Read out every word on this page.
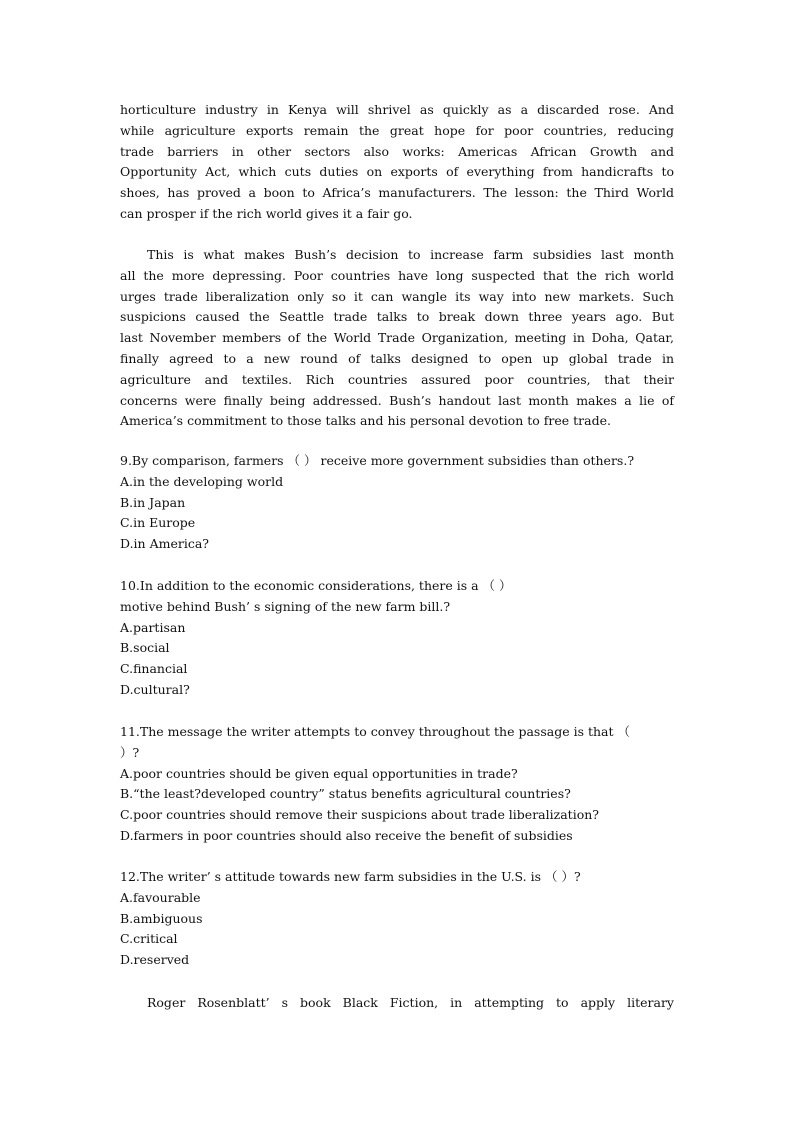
horticulture industry in Kenya will shrivel as quickly as a discarded rose. And
while agriculture exports remain the great hope for poor countries, reducing
trade barriers in other sectors also works: Americas African Growth and
Opportunity Act, which cuts duties on exports of everything from handicrafts to
shoes, has proved a boon to Africa’s manufacturers. The lesson: the Third World
can prosper if the rich world gives it a fair go.
This is what makes Bush’s decision to increase farm subsidies last month
all the more depressing. Poor countries have long suspected that the rich world
urges trade liberalization only so it can wangle its way into new markets. Such
suspicions caused the Seattle trade talks to break down three years ago. But
last November members of the World Trade Organization, meeting in Doha, Qatar,
finally agreed to a new round of talks designed to open up global trade in
agriculture and textiles. Rich countries assured poor countries, that their
concerns were finally being addressed. Bush’s handout last month makes a lie of
America’s commitment to those talks and his personal devotion to free trade.
9.By comparison, farmers （ ） receive more government subsidies than others.?
A.in the developing world
B.in Japan
C.in Europe
D.in America?
10.In addition to the economic considerations, there is a （ ）
motive behind Bush’ s signing of the new farm bill.?
A.partisan
B.social
C.financial
D.cultural?
11.The message the writer attempts to convey throughout the passage is that （
）?
A.poor countries should be given equal opportunities in trade?
B.“the least?developed country” status benefits agricultural countries?
C.poor countries should remove their suspicions about trade liberalization?
D.farmers in poor countries should also receive the benefit of subsidies
12.The writer’ s attitude towards new farm subsidies in the U.S. is （ ）?
A.favourable
B.ambiguous
C.critical
D.reserved
Roger Rosenblatt’ s book Black Fiction, in attempting to apply literary
